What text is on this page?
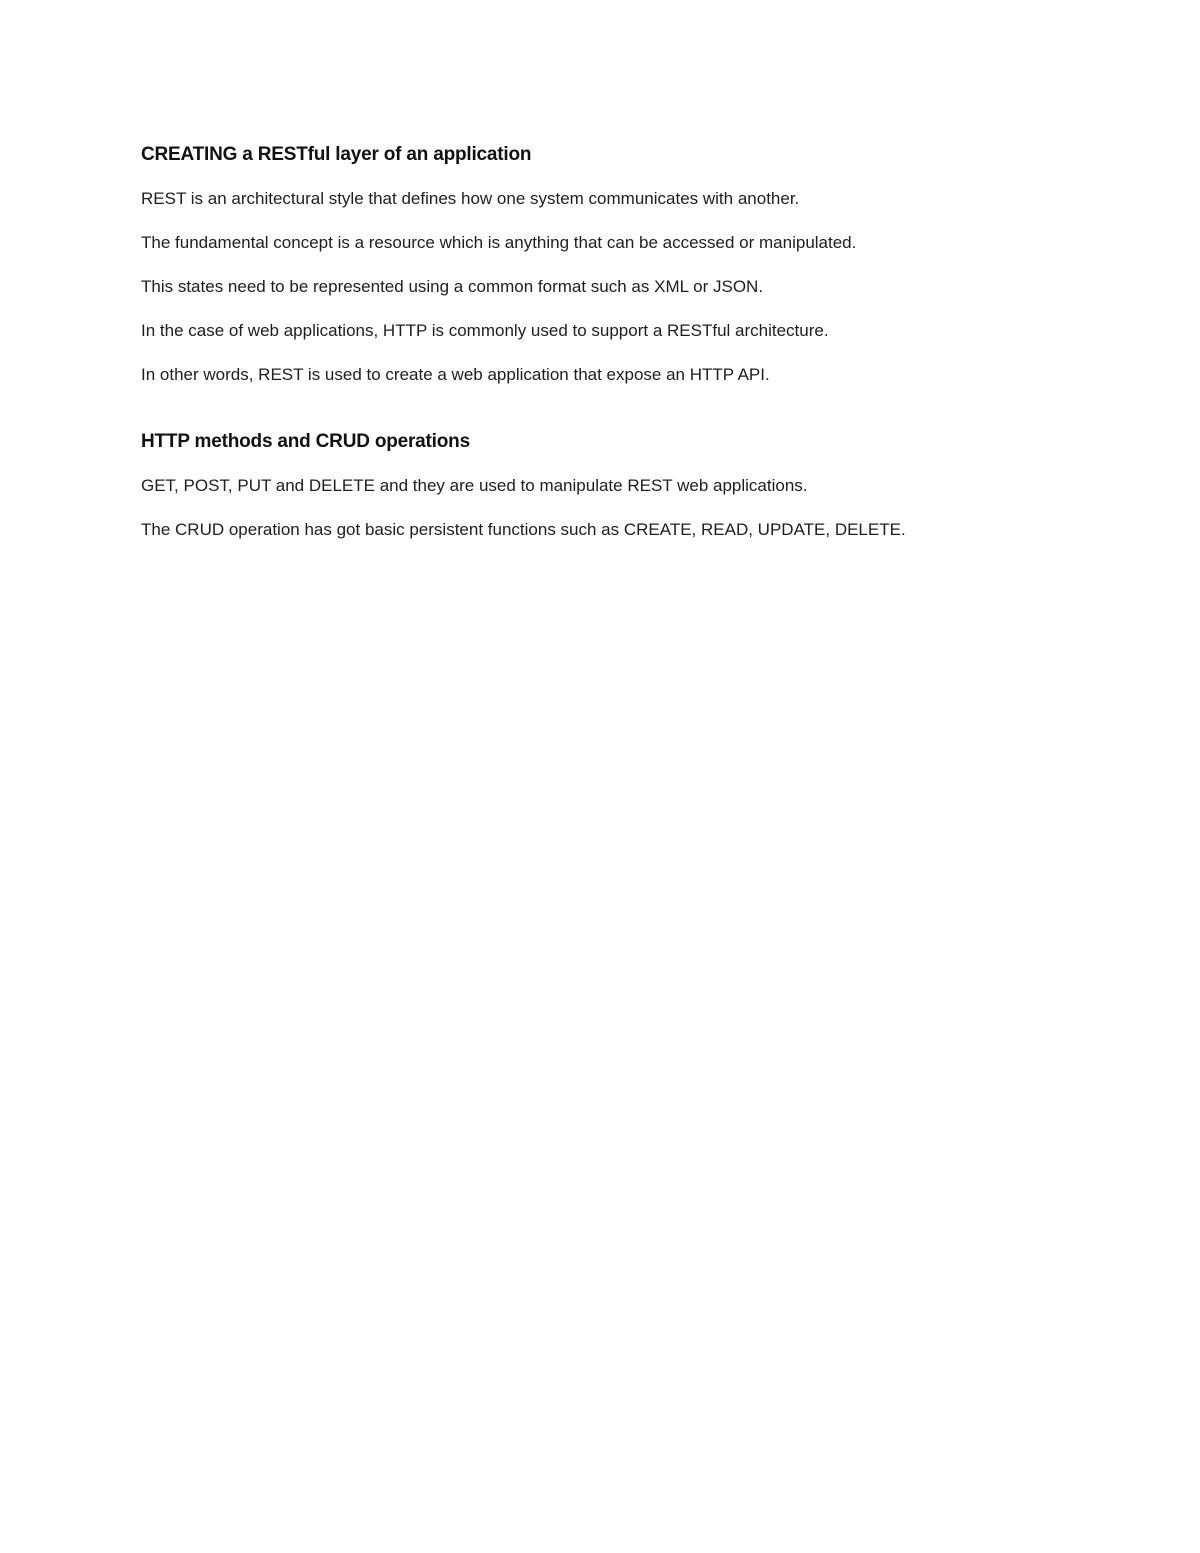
CREATING a RESTful layer of an application

REST is an architectural style that defines how one system communicates with another.

The fundamental concept is a resource which is anything that can be accessed or manipulated.

This states need to be represented using a common format such as XML or JSON.

In the case of web applications, HTTP is commonly used to support a RESTful architecture.

In other words, REST is used to create a web application that expose an HTTP API.

HTTP methods and CRUD operations

GET, POST, PUT and DELETE and they are used to manipulate REST web applications.

The CRUD operation has got basic persistent functions such as CREATE, READ, UPDATE, DELETE.
